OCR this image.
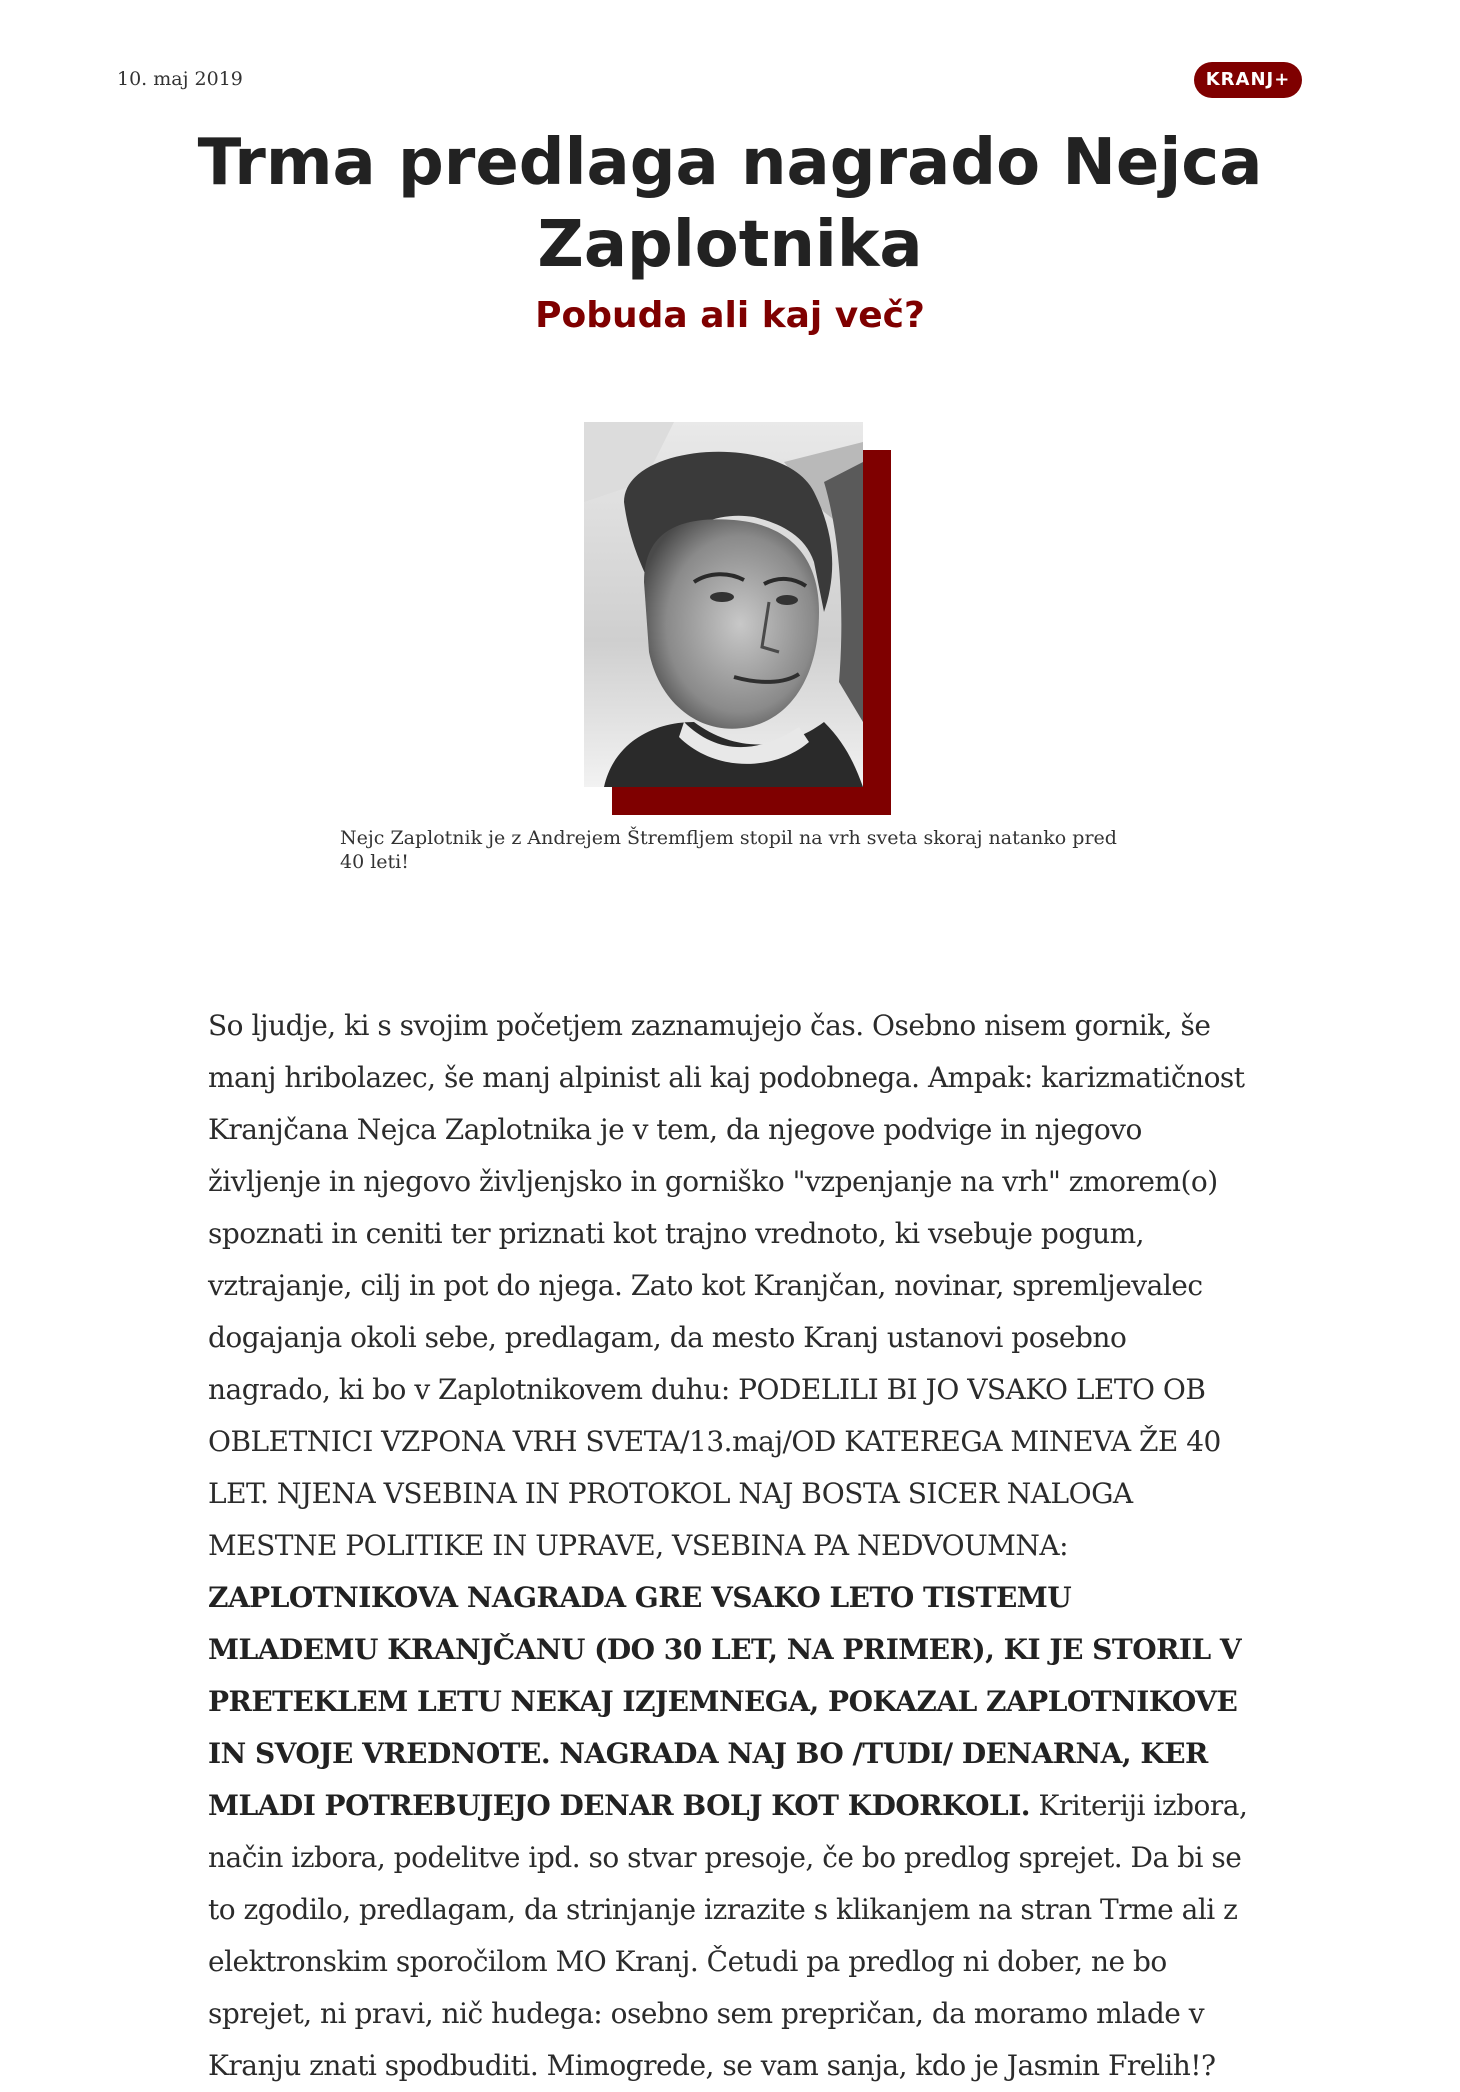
10. maj 2019	KRANJ+
Trma predlaga nagrado Nejca Zaplotnika
Pobuda ali kaj več?

Nejc Zaplotnik je z Andrejem Štremfljem stopil na vrh sveta skoraj natanko pred 40 leti!

So ljudje, ki s svojim početjem zaznamujejo čas. Osebno nisem gornik, še manj hribolazec, še manj alpinist ali kaj podobnega. Ampak: karizmatičnost Kranjčana Nejca Zaplotnika je v tem, da njegove podvige in njegovo življenje in njegovo življenjsko in gorniško "vzpenjanje na vrh" zmorem(o) spoznati in ceniti ter priznati kot trajno vrednoto, ki vsebuje pogum, vztrajanje, cilj in pot do njega. Zato kot Kranjčan, novinar, spremljevalec dogajanja okoli sebe, predlagam, da mesto Kranj ustanovi posebno nagrado, ki bo v Zaplotnikovem duhu: PODELILI BI JO VSAKO LETO OB OBLETNICI VZPONA VRH SVETA/13.maj/OD KATEREGA MINEVA ŽE 40 LET. NJENA VSEBINA IN PROTOKOL NAJ BOSTA SICER NALOGA MESTNE POLITIKE IN UPRAVE, VSEBINA PA NEDVOUMNA: ZAPLOTNIKOVA NAGRADA GRE VSAKO LETO TISTEMU MLADEMU KRANJČANU (DO 30 LET, NA PRIMER), KI JE STORIL V PRETEKLEM LETU NEKAJ IZJEMNEGA, POKAZAL ZAPLOTNIKOVE IN SVOJE VREDNOTE. NAGRADA NAJ BO /TUDI/ DENARNA, KER MLADI POTREBUJEJO DENAR BOLJ KOT KDORKOLI. Kriteriji izbora, način izbora, podelitve ipd. so stvar presoje, če bo predlog sprejet. Da bi se to zgodilo, predlagam, da strinjanje izrazite s klikanjem na stran Trme ali z elektronskim sporočilom MO Kranj. Četudi pa predlog ni dober, ne bo sprejet, ni pravi, nič hudega: osebno sem prepričan, da moramo mlade v Kranju znati spodbuditi. Mimogrede, se vam sanja, kdo je Jasmin Frelih!?
